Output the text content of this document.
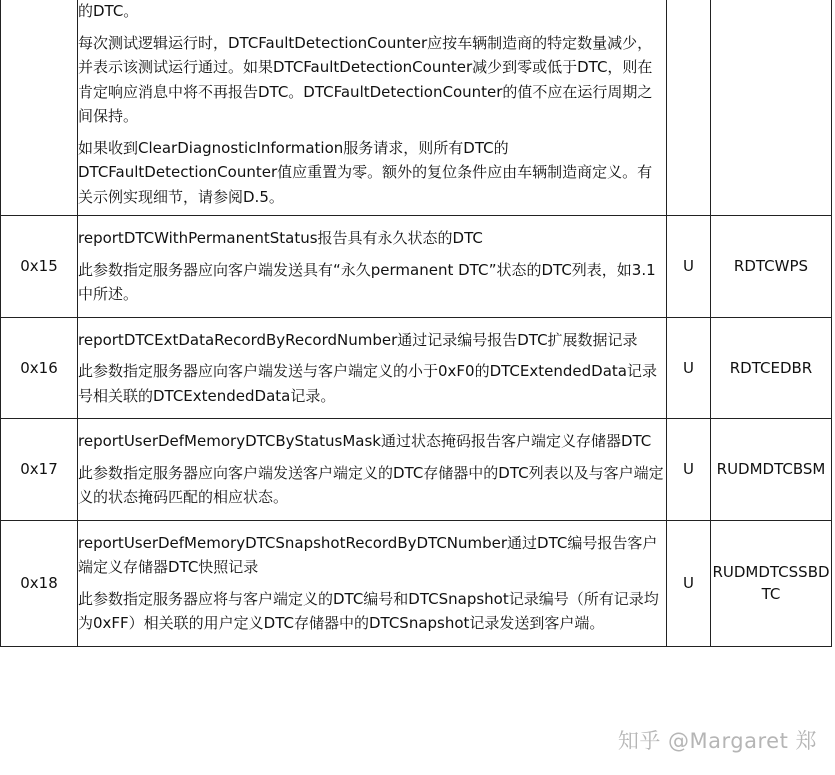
	的DTC。

每次测试逻辑运行时，DTCFaultDetectionCounter应按车辆制造商的特定数量减少，并表示该测试运行通过。如果DTCFaultDetectionCounter减少到零或低于DTC，则在肯定响应消息中将不再报告DTC。DTCFaultDetectionCounter的值不应在运行周期之间保持。

如果收到ClearDiagnosticInformation服务请求，则所有DTC的DTCFaultDetectionCounter值应重置为零。额外的复位条件应由车辆制造商定义。有关示例实现细节，请参阅D.5。		

0x15	reportDTCWithPermanentStatus报告具有永久状态的DTC

此参数指定服务器应向客户端发送具有“永久permanent DTC”状态的DTC列表，如3.1中所述。	U	RDTCWPS
0x16	reportDTCExtDataRecordByRecordNumber通过记录编号报告DTC扩展数据记录

此参数指定服务器应向客户端发送与客户端定义的小于0xF0的DTCExtendedData记录号相关联的DTCExtendedData记录。	U	RDTCEDBR
0x17	reportUserDefMemoryDTCByStatusMask通过状态掩码报告客户端定义存储器DTC

此参数指定服务器应向客户端发送客户端定义的DTC存储器中的DTC列表以及与客户端定义的状态掩码匹配的相应状态。	U	RUDMDTCBSM
0x18	reportUserDefMemoryDTCSnapshotRecordByDTCNumber通过DTC编号报告客户端定义存储器DTC快照记录

此参数指定服务器应将与客户端定义的DTC编号和DTCSnapshot记录编号（所有记录均为0xFF）相关联的用户定义DTC存储器中的DTCSnapshot记录发送到客户端。	U	RUDMDTCSSBDTC
知乎 @Margaret 郑
